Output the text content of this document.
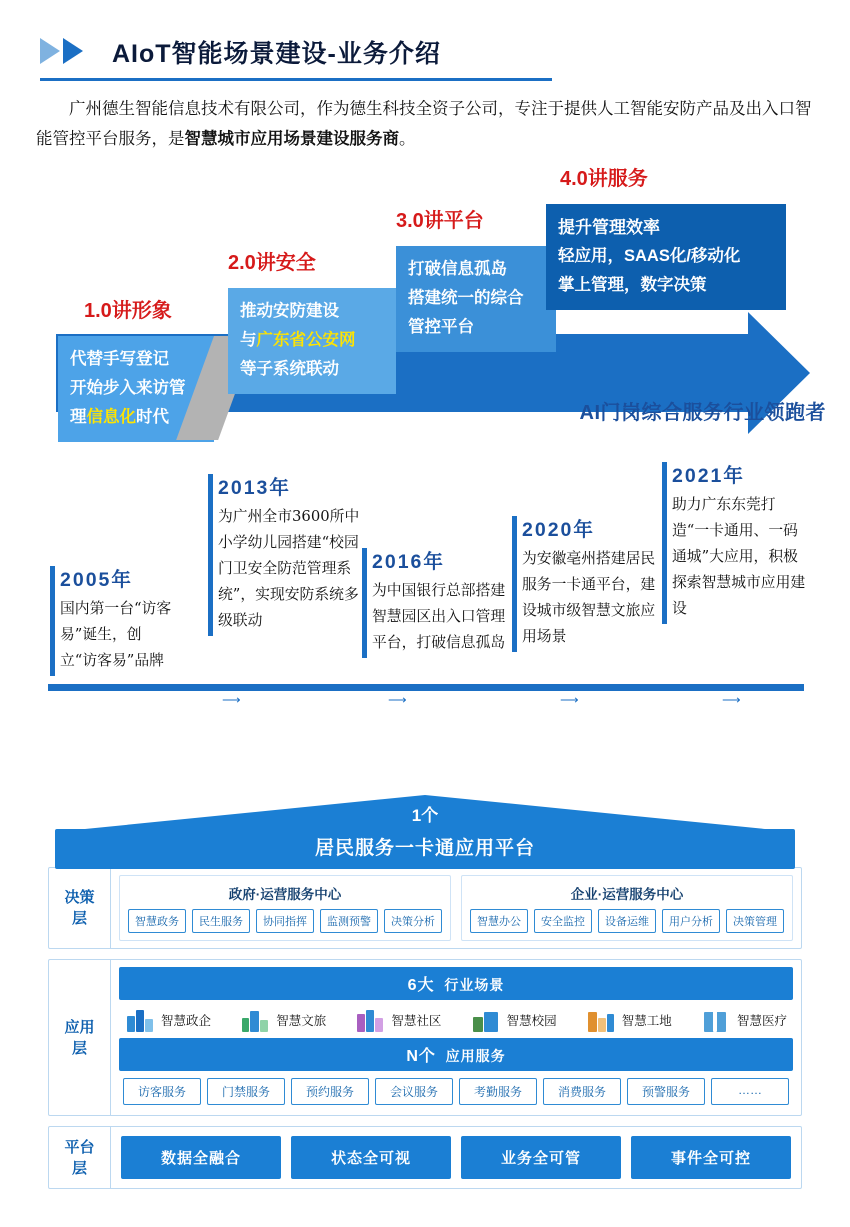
AIoT智能场景建设-业务介绍
广州德生智能信息技术有限公司，作为德生科技全资子公司，专注于提供人工智能安防产品及出入口智能管控平台服务，是智慧城市应用场景建设服务商。
1.0讲形象
代替手写登记
开始步入来访管
理信息化时代
2.0讲安全
推动安防建设
与广东省公安网
等子系统联动
3.0讲平台
打破信息孤岛
搭建统一的综合
管控平台
4.0讲服务
提升管理效率
轻应用，SAAS化/移动化
掌上管理，数字决策
AI门岗综合服务行业领跑者
2005年
国内第一台“访客易”诞生，创立“访客易”品牌
2013年
为广州全市3600所中小学幼儿园搭建“校园门卫安全防范管理系统”，实现安防系统多级联动
2016年
为中国银行总部搭建智慧园区出入口管理平台，打破信息孤岛
2020年
为安徽亳州搭建居民服务一卡通平台，建设城市级智慧文旅应用场景
2021年
助力广东东莞打造“一卡通用、一码通城”大应用，积极探索智慧城市应用建设
⟶	⟶	⟶	⟶
1个
居民服务一卡通应用平台
决策
层
政府·运营服务中心
智慧政务	民生服务	协同指挥	监测预警	决策分析
企业·运营服务中心
智慧办公	安全监控	设备运维	用户分析	决策管理
应用
层
6大 行业场景
智慧政企	智慧文旅	智慧社区	智慧校园	智慧工地	智慧医疗
N个 应用服务
访客服务	门禁服务	预约服务	会议服务	考勤服务	消费服务	预警服务	……
平台
层
数据全融合	状态全可视	业务全可管	事件全可控
